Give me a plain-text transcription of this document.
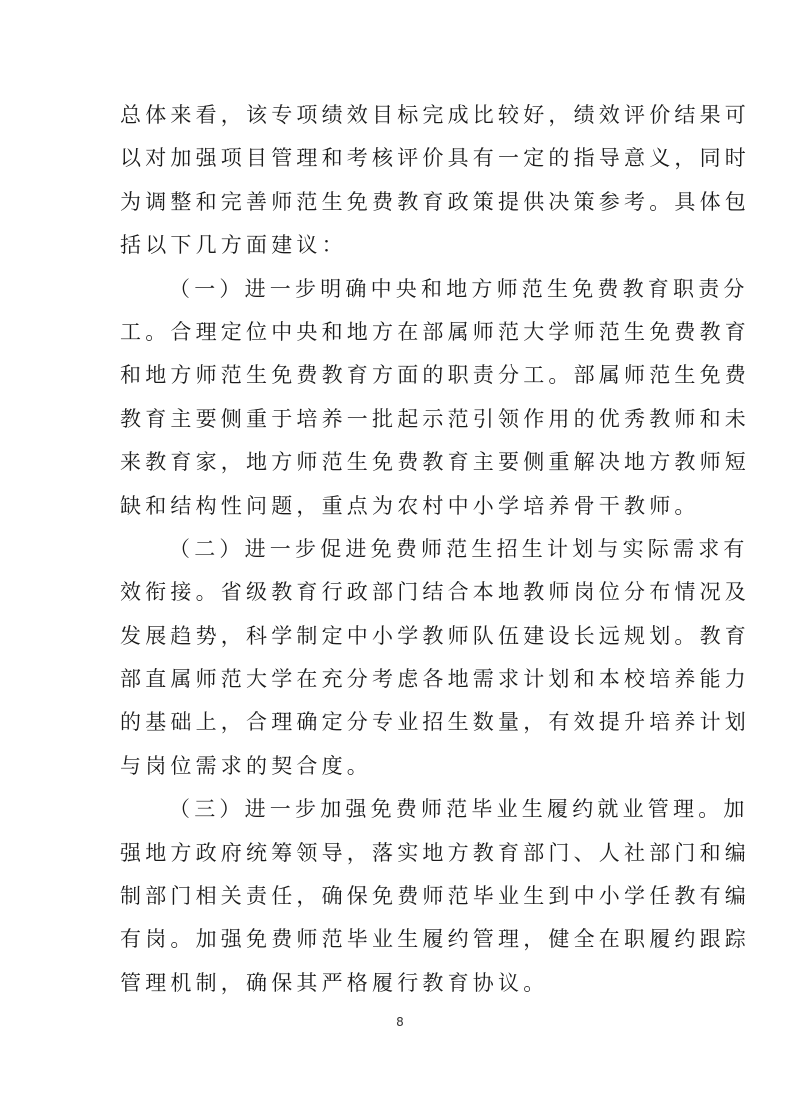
总体来看，该专项绩效目标完成比较好，绩效评价结果可
以对加强项目管理和考核评价具有一定的指导意义，同时
为调整和完善师范生免费教育政策提供决策参考。具体包
括以下几方面建议：
（一）进一步明确中央和地方师范生免费教育职责分
工。合理定位中央和地方在部属师范大学师范生免费教育
和地方师范生免费教育方面的职责分工。部属师范生免费
教育主要侧重于培养一批起示范引领作用的优秀教师和未
来教育家，地方师范生免费教育主要侧重解决地方教师短
缺和结构性问题，重点为农村中小学培养骨干教师。
（二）进一步促进免费师范生招生计划与实际需求有
效衔接。省级教育行政部门结合本地教师岗位分布情况及
发展趋势，科学制定中小学教师队伍建设长远规划。教育
部直属师范大学在充分考虑各地需求计划和本校培养能力
的基础上，合理确定分专业招生数量，有效提升培养计划
与岗位需求的契合度。
（三）进一步加强免费师范毕业生履约就业管理。加
强地方政府统筹领导，落实地方教育部门、人社部门和编
制部门相关责任，确保免费师范毕业生到中小学任教有编
有岗。加强免费师范毕业生履约管理，健全在职履约跟踪
管理机制，确保其严格履行教育协议。
8
